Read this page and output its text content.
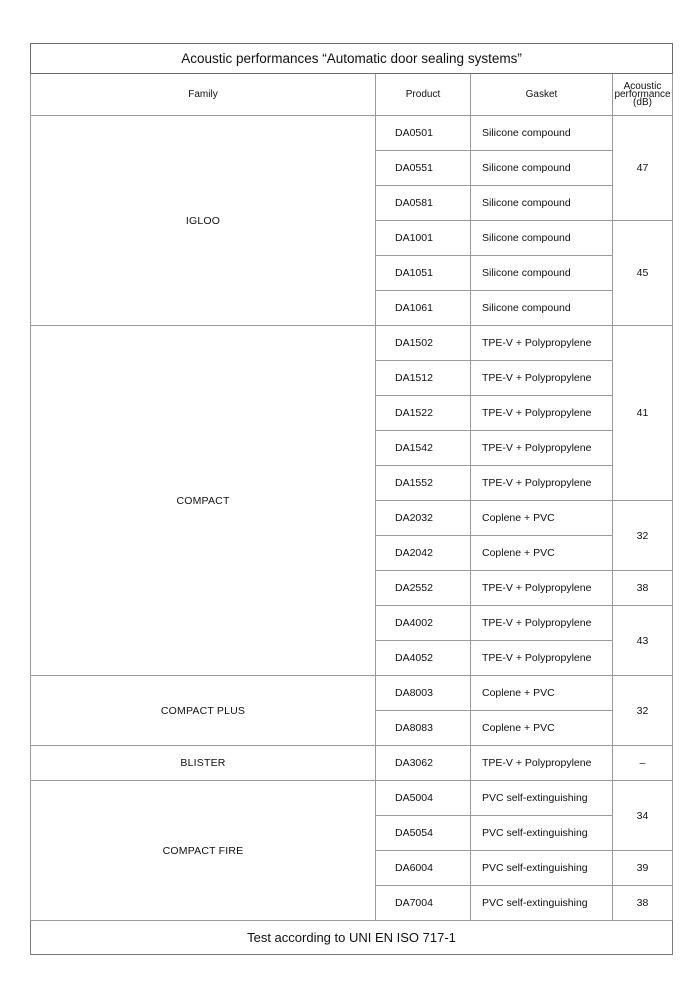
Acoustic performances “Automatic door sealing systems”			
Family	Product	Gasket	Acoustic
performance
(dB)
IGLOO	DA0501	Silicone compound	47
	DA0551	Silicone compound	
	DA0581	Silicone compound	
	DA1001	Silicone compound	45
	DA1051	Silicone compound	
	DA1061	Silicone compound	
COMPACT	DA1502	TPE-V + Polypropylene	41
	DA1512	TPE-V + Polypropylene	
	DA1522	TPE-V + Polypropylene	
	DA1542	TPE-V + Polypropylene	
	DA1552	TPE-V + Polypropylene	
	DA2032	Coplene + PVC	32
	DA2042	Coplene + PVC	
	DA2552	TPE-V + Polypropylene	38
	DA4002	TPE-V + Polypropylene	43
	DA4052	TPE-V + Polypropylene	
COMPACT PLUS	DA8003	Coplene + PVC	32
	DA8083	Coplene + PVC	
BLISTER	DA3062	TPE-V + Polypropylene	–
COMPACT FIRE	DA5004	PVC self-extinguishing	34
	DA5054	PVC self-extinguishing	
	DA6004	PVC self-extinguishing	39
	DA7004	PVC self-extinguishing	38
Test according to UNI EN ISO 717-1			
